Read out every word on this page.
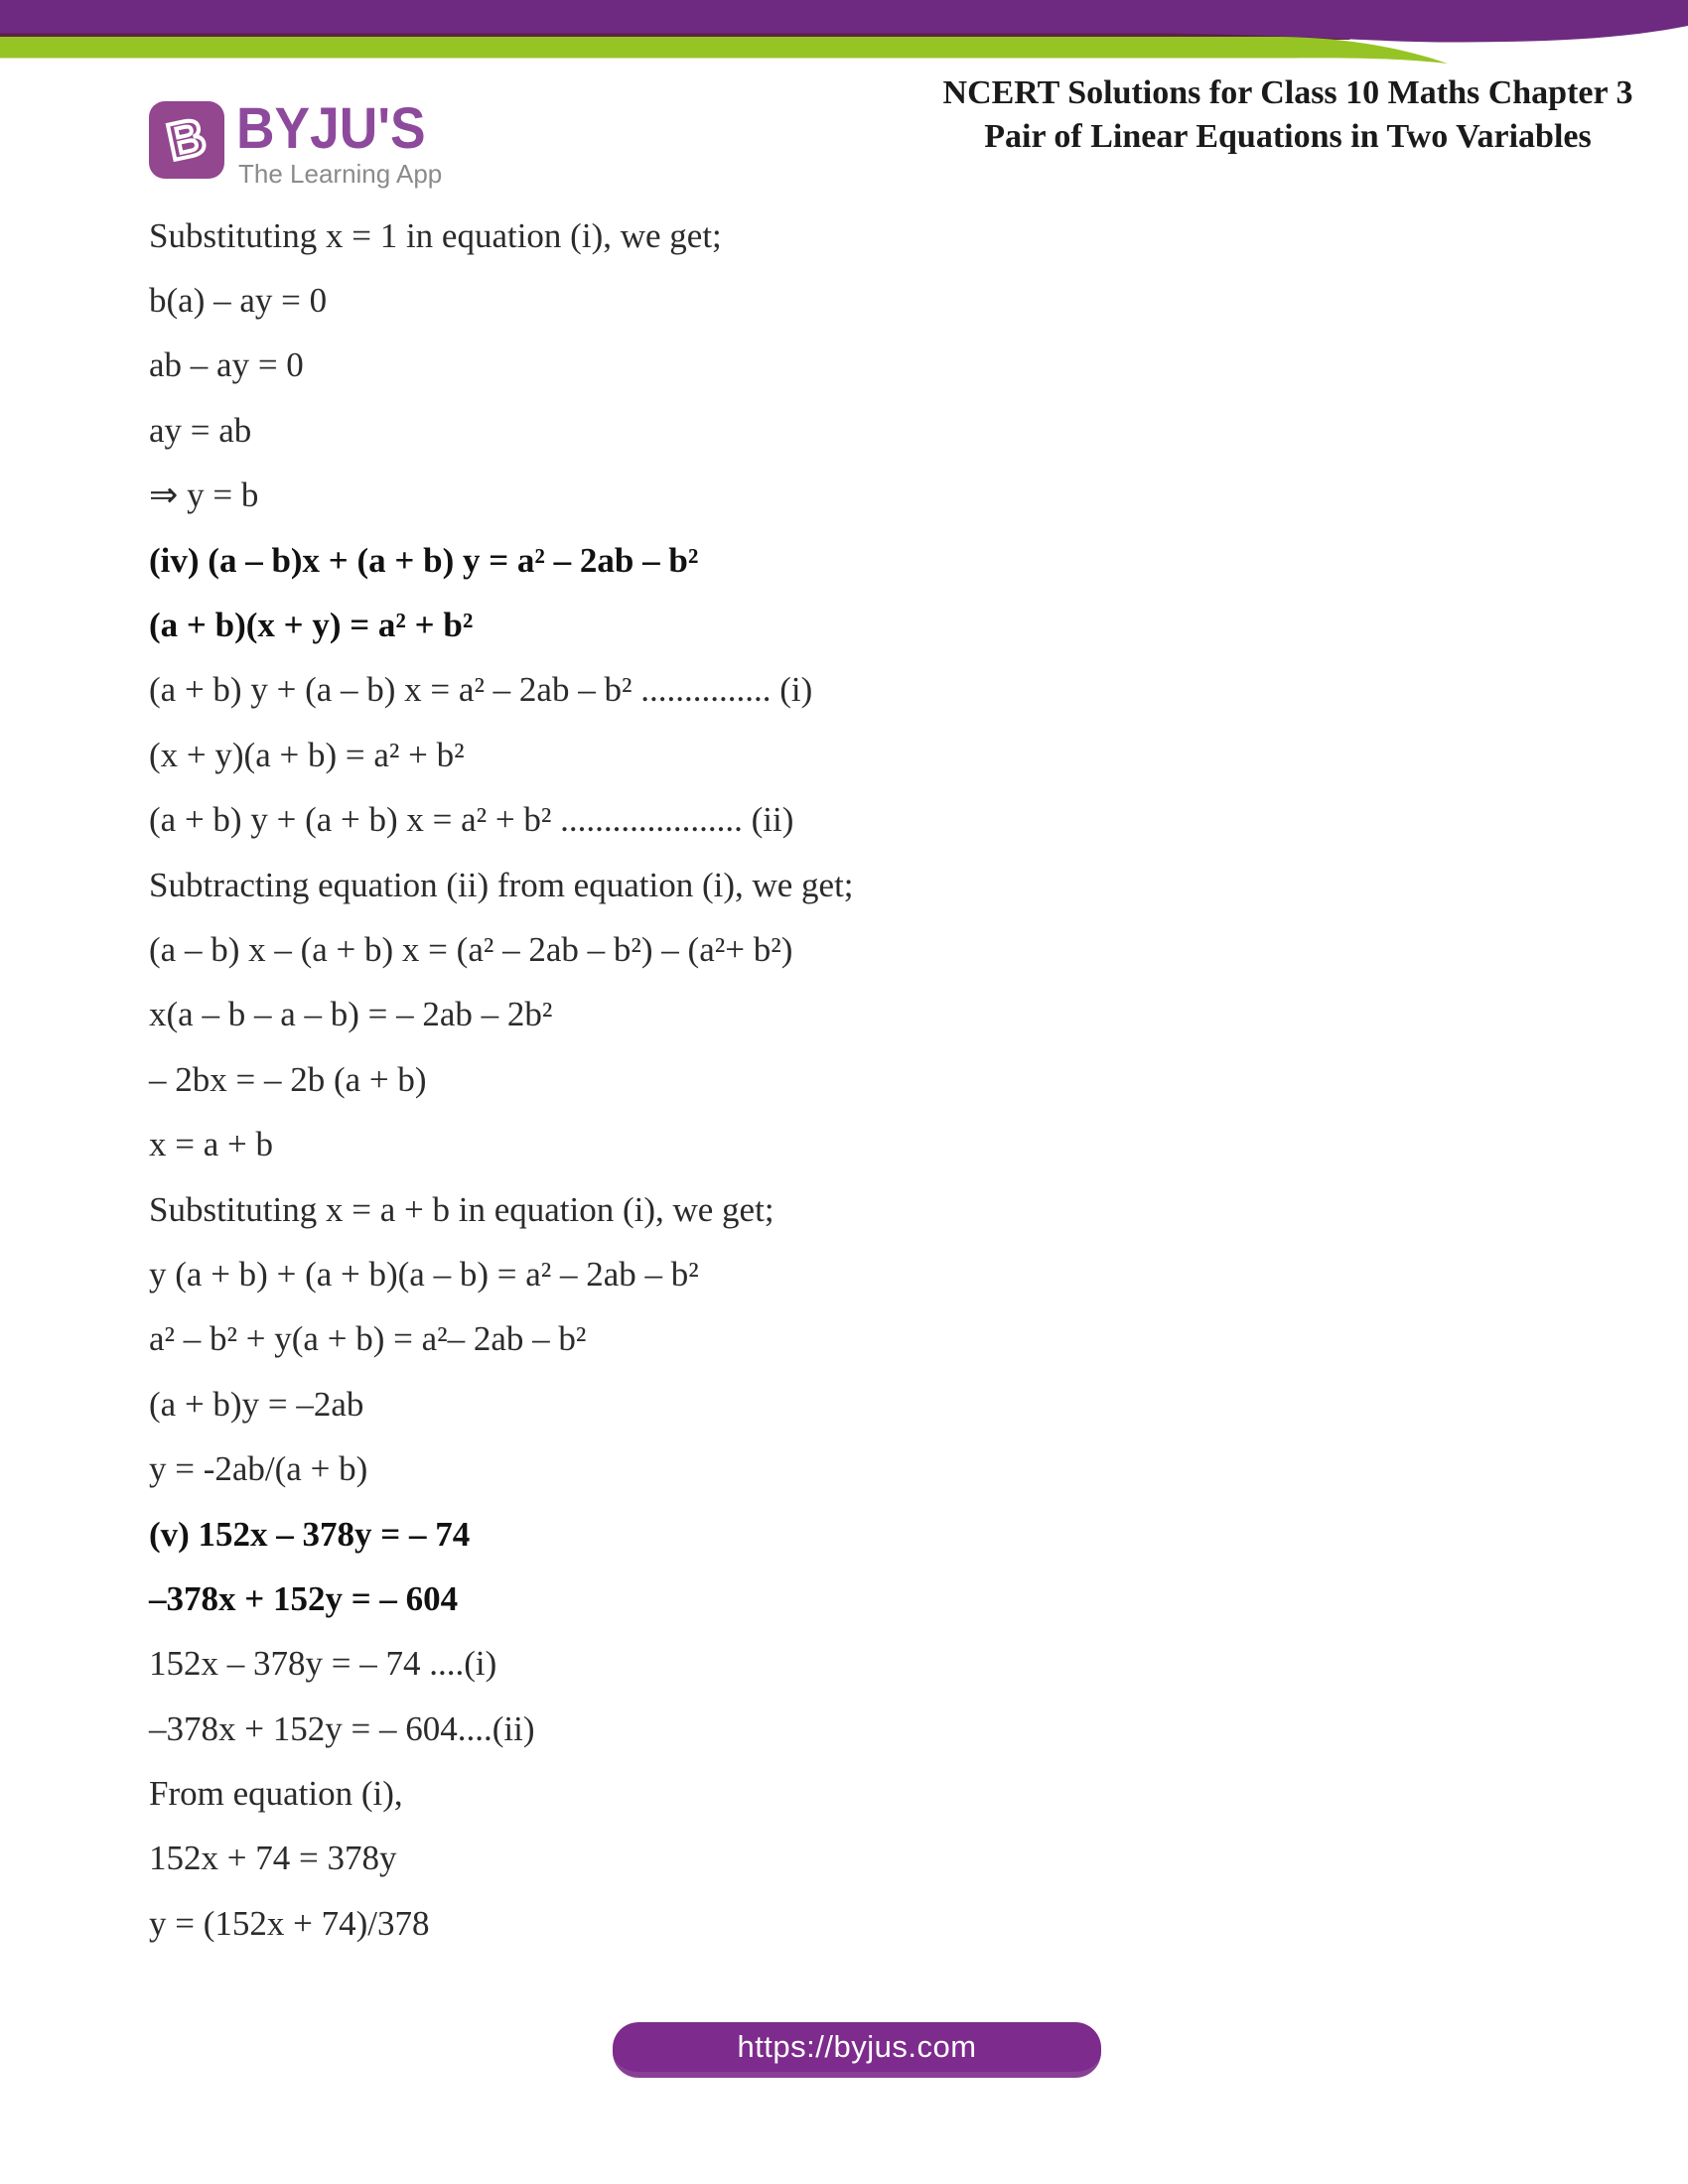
B BYJU'S
The Learning App
NCERT Solutions for Class 10 Maths Chapter 3
Pair of Linear Equations in Two Variables
Substituting x = 1 in equation (i), we get;
b(a) – ay = 0
ab – ay = 0
ay = ab
⇒ y = b
(iv) (a – b)x + (a + b) y = a² – 2ab – b²
(a + b)(x + y) = a² + b²
(a + b) y + (a – b) x = a² – 2ab – b² ............... (i)
(x + y)(a + b) = a² + b²
(a + b) y + (a + b) x = a² + b² ..................... (ii)
Subtracting equation (ii) from equation (i), we get;
(a – b) x – (a + b) x = (a² – 2ab – b²) – (a²+ b²)
x(a – b – a – b) = – 2ab – 2b²
– 2bx = – 2b (a + b)
x = a + b
Substituting x = a + b in equation (i), we get;
y (a + b) + (a + b)(a – b) = a² – 2ab – b²
a² – b² + y(a + b) = a²– 2ab – b²
(a + b)y = –2ab
y = -2ab/(a + b)
(v) 152x – 378y = – 74
–378x + 152y = – 604
152x – 378y = – 74 ....(i)
–378x + 152y = – 604....(ii)
From equation (i),
152x + 74 = 378y
y = (152x + 74)/378
https://byjus.com
